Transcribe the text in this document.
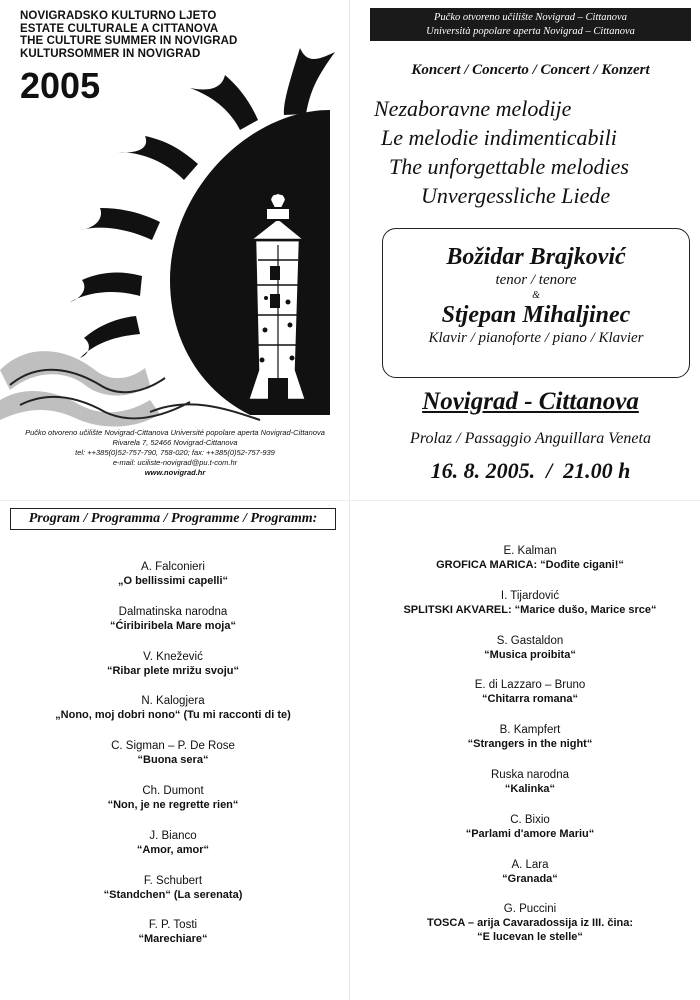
NOVIGRADSKO KULTURNO LJETO
ESTATE CULTURALE A CITTANOVA
THE CULTURE SUMMER IN NOVIGRAD
KULTURSOMMER IN NOVIGRAD
2005
Pučko otvoreno učilište Novigrad-Cittanova Université popolare aperta Novigrad-Cittanova
Rivarela 7, 52466 Novigrad-Cittanova
tel: ++385(0)52-757-790, 758-020; fax: ++385(0)52-757-939
e-mail: uciliste-novigrad@pu.t-com.hr
www.novigrad.hr
Pučko otvoreno učilište Novigrad – Cittanova
Università popolare aperta Novigrad – Cittanova
Koncert / Concerto / Concert / Konzert
Nezaboravne melodije
Le melodie indimenticabili
The unforgettable melodies
Unvergessliche Liede
Božidar Brajković
tenor / tenore
&
Stjepan Mihaljinec
Klavir / pianoforte / piano / Klavier
Novigrad - Cittanova
Prolaz / Passaggio Anguillara Veneta
16. 8. 2005.  /  21.00 h
Program / Programma / Programme / Programm:
A. Falconieri
„O bellissimi capelli“
Dalmatinska narodna
“Ćiribiribela Mare moja“
V. Knežević
“Ribar plete mrižu svoju“
N. Kalogjera
„Nono, moj dobri nono“ (Tu mi racconti di te)
C. Sigman – P. De Rose
“Buona sera“
Ch. Dumont
“Non, je ne regrette rien“
J. Bianco
“Amor, amor“
F. Schubert
“Standchen“ (La serenata)
F. P. Tosti
“Marechiare“
E. Kalman
GROFICA MARICA: “Dođite cigani!“
I. Tijardović
SPLITSKI AKVAREL: “Marice dušo, Marice srce“
S. Gastaldon
“Musica proibita“
E. di Lazzaro – Bruno
“Chitarra romana“
B. Kampfert
“Strangers in the night“
Ruska narodna
“Kalinka“
C. Bixio
“Parlami d'amore Mariu“
A. Lara
“Granada“
G. Puccini
TOSCA – arija Cavaradossija iz III. čina:
“E lucevan le stelle“
